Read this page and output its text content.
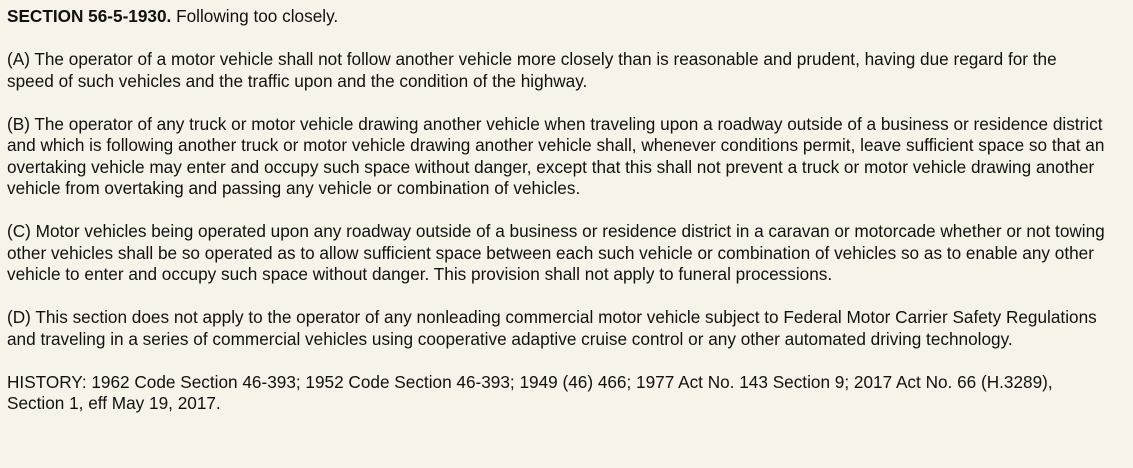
SECTION 56-5-1930. Following too closely.

(A) The operator of a motor vehicle shall not follow another vehicle more closely than is reasonable and prudent, having due regard for the speed of such vehicles and the traffic upon and the condition of the highway.

(B) The operator of any truck or motor vehicle drawing another vehicle when traveling upon a roadway outside of a business or residence district and which is following another truck or motor vehicle drawing another vehicle shall, whenever conditions permit, leave sufficient space so that an overtaking vehicle may enter and occupy such space without danger, except that this shall not prevent a truck or motor vehicle drawing another vehicle from overtaking and passing any vehicle or combination of vehicles.

(C) Motor vehicles being operated upon any roadway outside of a business or residence district in a caravan or motorcade whether or not towing other vehicles shall be so operated as to allow sufficient space between each such vehicle or combination of vehicles so as to enable any other vehicle to enter and occupy such space without danger. This provision shall not apply to funeral processions.

(D) This section does not apply to the operator of any nonleading commercial motor vehicle subject to Federal Motor Carrier Safety Regulations and traveling in a series of commercial vehicles using cooperative adaptive cruise control or any other automated driving technology.

HISTORY: 1962 Code Section 46-393; 1952 Code Section 46-393; 1949 (46) 466; 1977 Act No. 143 Section 9; 2017 Act No. 66 (H.3289), Section 1, eff May 19, 2017.
